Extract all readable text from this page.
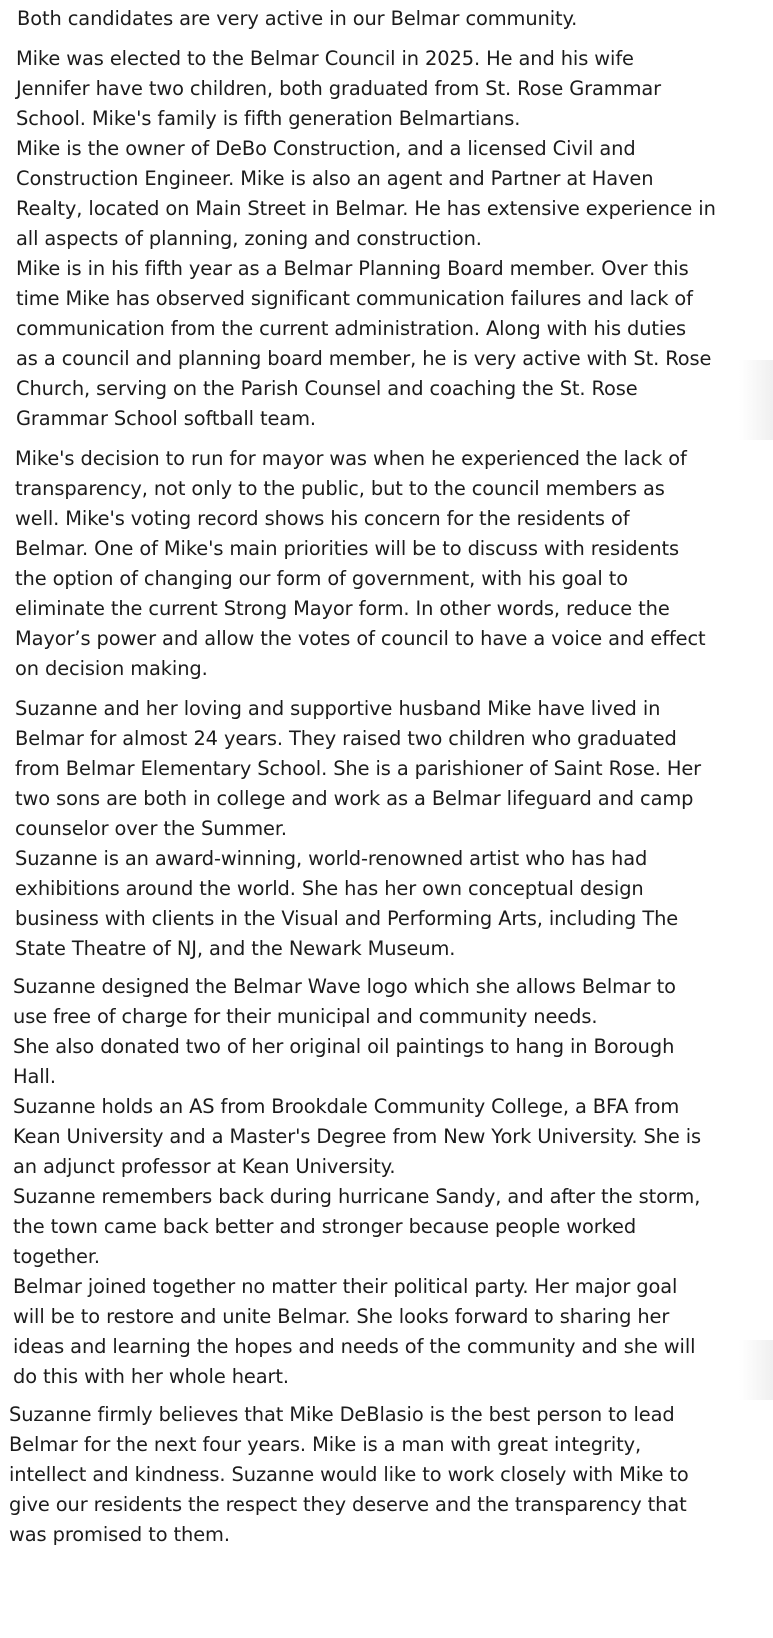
Both candidates are very active in our Belmar community.
Mike was elected to the Belmar Council in 2025. He and his wife
Jennifer have two children, both graduated from St. Rose Grammar
School. Mike's family is fifth generation Belmartians.
Mike is the owner of DeBo Construction, and a licensed Civil and
Construction Engineer. Mike is also an agent and Partner at Haven
Realty, located on Main Street in Belmar. He has extensive experience in
all aspects of planning, zoning and construction.
Mike is in his fifth year as a Belmar Planning Board member. Over this
time Mike has observed significant communication failures and lack of
communication from the current administration. Along with his duties
as a council and planning board member, he is very active with St. Rose
Church, serving on the Parish Counsel and coaching the St. Rose
Grammar School softball team.
Mike's decision to run for mayor was when he experienced the lack of
transparency, not only to the public, but to the council members as
well. Mike's voting record shows his concern for the residents of
Belmar. One of Mike's main priorities will be to discuss with residents
the option of changing our form of government, with his goal to
eliminate the current Strong Mayor form. In other words, reduce the
Mayor’s power and allow the votes of council to have a voice and effect
on decision making.
Suzanne and her loving and supportive husband Mike have lived in
Belmar for almost 24 years. They raised two children who graduated
from Belmar Elementary School. She is a parishioner of Saint Rose. Her
two sons are both in college and work as a Belmar lifeguard and camp
counselor over the Summer.
Suzanne is an award-winning, world-renowned artist who has had
exhibitions around the world. She has her own conceptual design
business with clients in the Visual and Performing Arts, including The
State Theatre of NJ, and the Newark Museum.
Suzanne designed the Belmar Wave logo which she allows Belmar to
use free of charge for their municipal and community needs.
She also donated two of her original oil paintings to hang in Borough
Hall.
Suzanne holds an AS from Brookdale Community College, a BFA from
Kean University and a Master's Degree from New York University. She is
an adjunct professor at Kean University.
Suzanne remembers back during hurricane Sandy, and after the storm,
the town came back better and stronger because people worked
together.
Belmar joined together no matter their political party. Her major goal
will be to restore and unite Belmar. She looks forward to sharing her
ideas and learning the hopes and needs of the community and she will
do this with her whole heart.
Suzanne firmly believes that Mike DeBlasio is the best person to lead
Belmar for the next four years. Mike is a man with great integrity,
intellect and kindness. Suzanne would like to work closely with Mike to
give our residents the respect they deserve and the transparency that
was promised to them.
